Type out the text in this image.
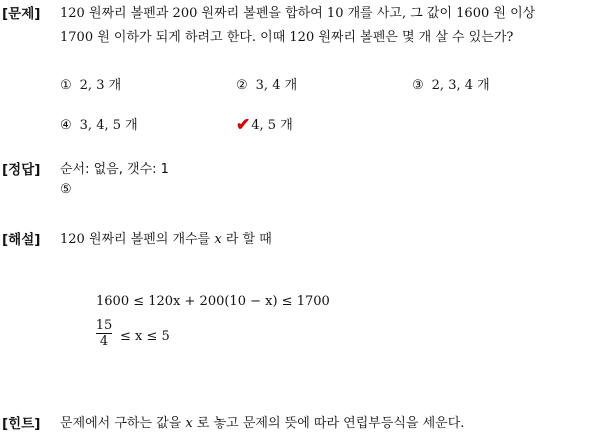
[문제] 120 원짜리 볼펜과 200 원짜리 볼펜을 합하여 10 개를 사고, 그 값이 1600 원 이상
1700 원 이하가 되게 하려고 한다. 이때 120 원짜리 볼펜은 몇 개 살 수 있는가?
① 2, 3 개	② 3, 4 개	③ 2, 3, 4 개
④ 3, 4, 5 개	✔4, 5 개
[정답] 순서: 없음, 갯수: 1
⑤
[해설] 120 원짜리 볼펜의 개수를 x 라 할 때
1600 ≤ 120x + 200(10 − x) ≤ 1700
15
4 ≤ x ≤ 5
[힌트] 문제에서 구하는 값을 x 로 놓고 문제의 뜻에 따라 연립부등식을 세운다.
